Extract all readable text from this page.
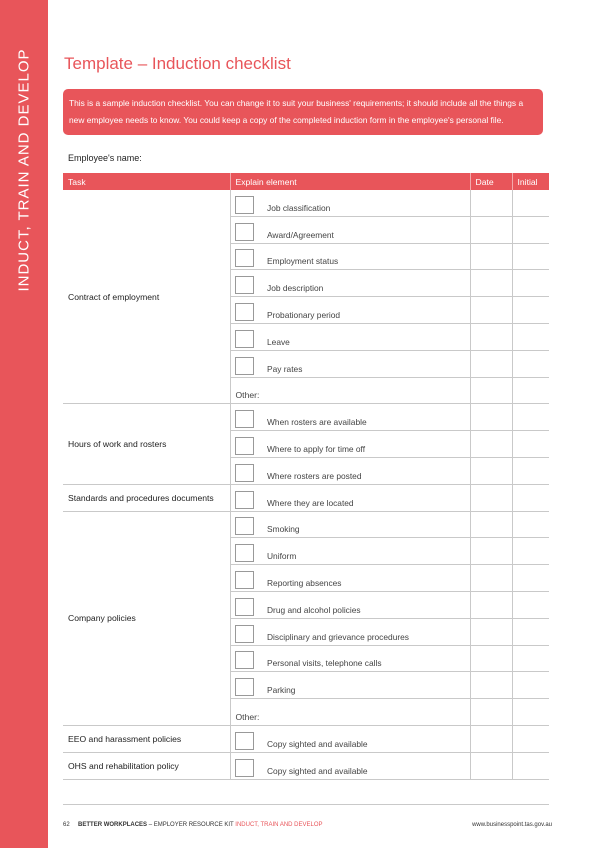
INDUCT, TRAIN AND DEVELOP Template – Induction checklist
This is a sample induction checklist. You can change it to suit your business' requirements; it should include all the things a new employee needs to know. You could keep a copy of the completed induction form in the employee's personal file.
Employee's name:
Task	Explain element		Date	Initial
Contract of employment		Job classification		

		Award/Agreement		

		Employment status		

		Job description		

		Probationary period		

		Leave		

		Pay rates		
	Other:			
Hours of work and rosters		When rosters are available		

		Where to apply for time off		

		Where rosters are posted		
Standards and procedures documents		Where they are located		
Company policies		Smoking		

		Uniform		

		Reporting absences		

		Drug and alcohol policies		

		Disciplinary and grievance procedures		

		Personal visits, telephone calls		

		Parking		
	Other:			
EEO and harassment policies		Copy sighted and available		
OHS and rehabilitation policy		Copy sighted and available		

62 BETTER WORKPLACES – EMPLOYER RESOURCE KIT INDUCT, TRAIN AND DEVELOP	www.businesspoint.tas.gov.au
